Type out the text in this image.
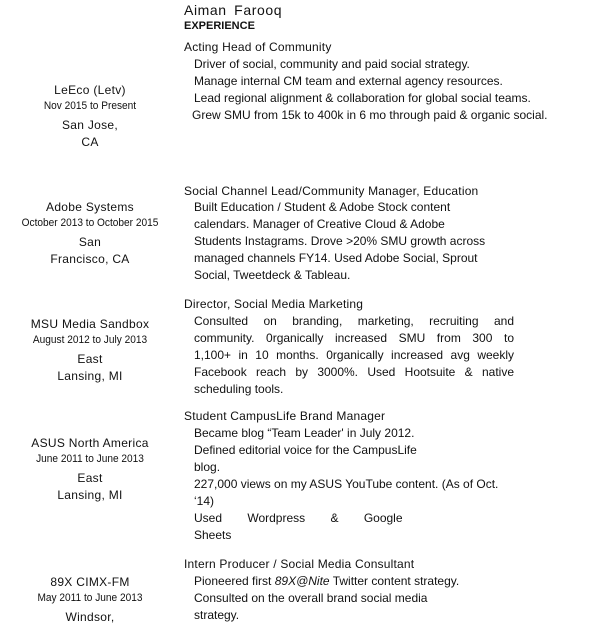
Aiman Farooq
EXPERIENCE
LeEco (Letv)
Nov 2015 to Present
San Jose,
CA
Acting Head of Community
Driver of social, community and paid social strategy.
Manage internal CM team and external agency resources.
Lead regional alignment & collaboration for global social teams.
Grew SMU from 15k to 400k in 6 mo through paid & organic social.
Adobe Systems
October 2013 to October 2015
San
Francisco, CA
Social Channel Lead/Community Manager, Education
Built Education / Student & Adobe Stock content
calendars. Manager of Creative Cloud & Adobe
Students Instagrams. Drove >20% SMU growth across
managed channels FY14. Used Adobe Social, Sprout
Social, Tweetdeck & Tableau.
MSU Media Sandbox
August 2012 to July 2013
East
Lansing, MI
Director, Social Media Marketing
Consulted on branding, marketing, recruiting and
community. 0rganically increased SMU from 300 to
1,100+ in 10 months. 0rganically increased avg weekly
Facebook reach by 3000%. Used Hootsuite & native
scheduling tools.
ASUS North America
June 2011 to June 2013
East
Lansing, MI
Student CampusLife Brand Manager
Became blog “Team Leader' in July 2012.
Defined editorial voice for the CampusLife
blog.
227,000 views on my ASUS YouTube content. (As of Oct.
‘14)
Used Wordpress & Google
Sheets
89X CIMX-FM
May 2011 to June 2013
Windsor,
Intern Producer / Social Media Consultant
Pioneered first 89X@Nite Twitter content strategy.
Consulted on the overall brand social media
strategy.
